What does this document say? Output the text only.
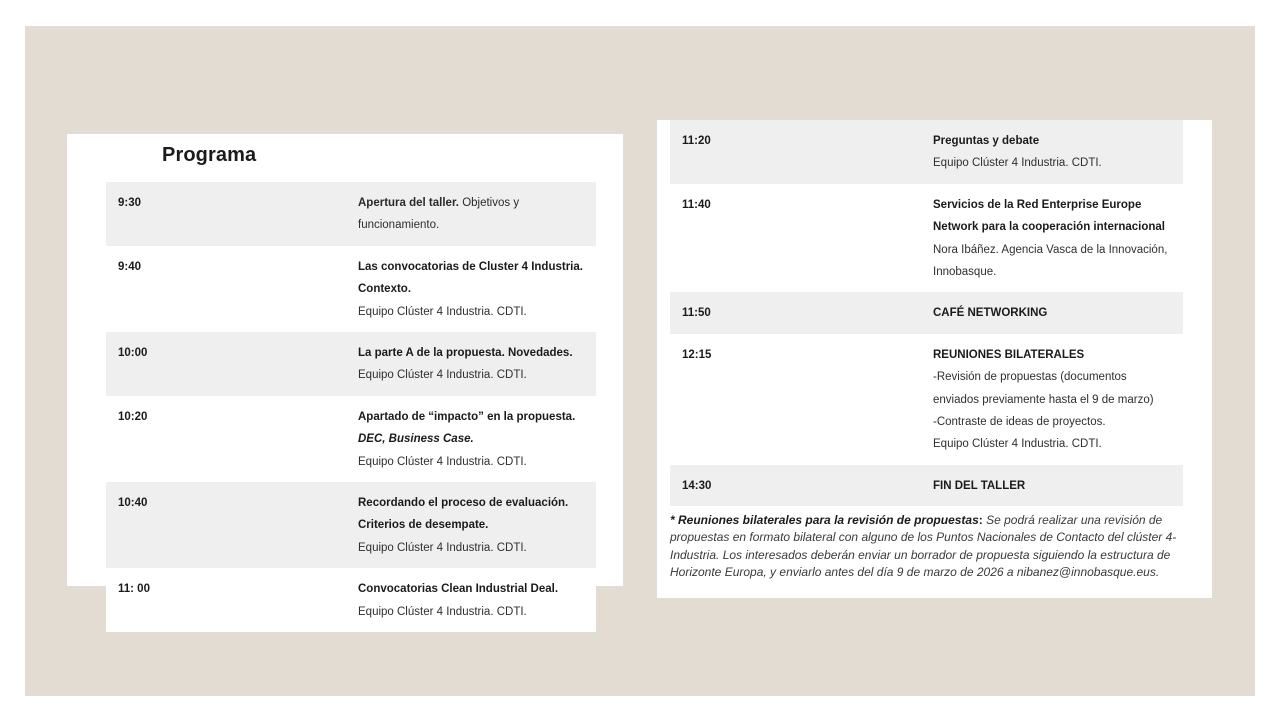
Programa
9:30	Apertura del taller. Objetivos y
funcionamiento.
9:40	Las convocatorias de Cluster 4 Industria.
Contexto.
Equipo Clúster 4 Industria. CDTI.
10:00	La parte A de la propuesta. Novedades.
Equipo Clúster 4 Industria. CDTI.
10:20	Apartado de “impacto” en la propuesta.
DEC, Business Case.
Equipo Clúster 4 Industria. CDTI.
10:40	Recordando el proceso de evaluación.
Criterios de desempate.
Equipo Clúster 4 Industria. CDTI.
11: 00	Convocatorias Clean Industrial Deal.
Equipo Clúster 4 Industria. CDTI.
11:20	Preguntas y debate
Equipo Clúster 4 Industria. CDTI.
11:40	Servicios de la Red Enterprise Europe
Network para la cooperación internacional
Nora Ibáñez. Agencia Vasca de la Innovación,
Innobasque.
11:50	CAFÉ NETWORKING
12:15	REUNIONES BILATERALES
-Revisión de propuestas (documentos
enviados previamente hasta el 9 de marzo)
-Contraste de ideas de proyectos.
Equipo Clúster 4 Industria. CDTI.
14:30	FIN DEL TALLER
* Reuniones bilaterales para la revisión de propuestas: Se podrá realizar una revisión de propuestas en formato bilateral con alguno de los Puntos Nacionales de Contacto del clúster 4-Industria. Los interesados deberán enviar un borrador de propuesta siguiendo la estructura de Horizonte Europa, y enviarlo antes del día 9 de marzo de 2026 a nibanez@innobasque.eus.
